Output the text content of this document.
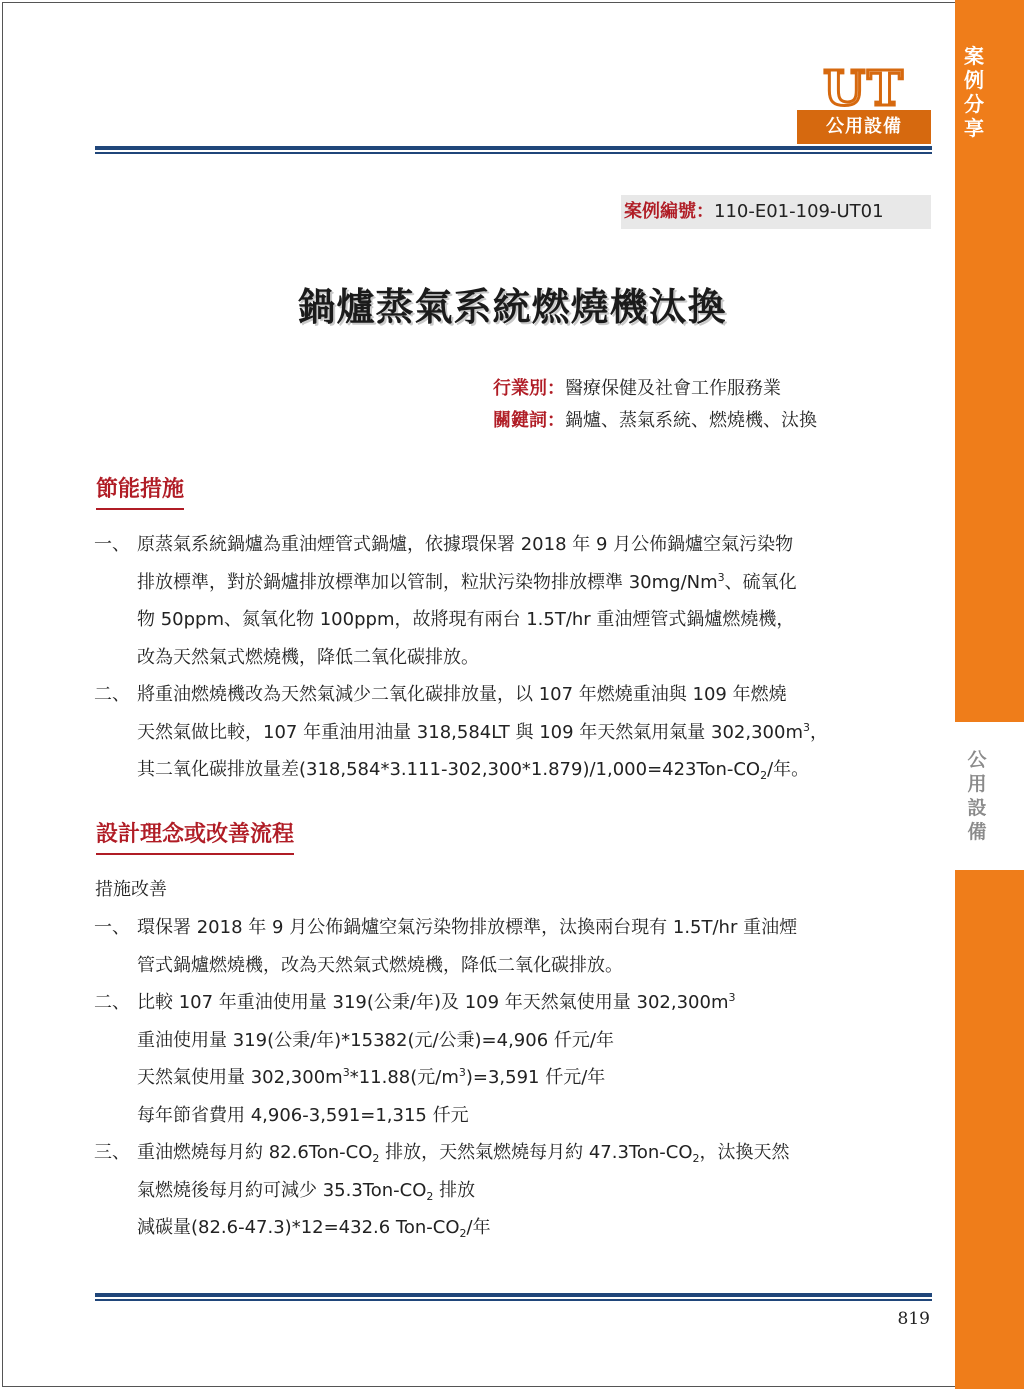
案例分享
公用設備
UT
公用設備
案例編號：110-E01-109-UT01
鍋爐蒸氣系統燃燒機汰換
行業別：醫療保健及社會工作服務業
關鍵詞：鍋爐、蒸氣系統、燃燒機、汰換
節能措施
一、 原蒸氣系統鍋爐為重油煙管式鍋爐，依據環保署 2018 年 9 月公佈鍋爐空氣污染物
排放標準，對於鍋爐排放標準加以管制，粒狀污染物排放標準 30mg/Nm$^3$、硫氧化
物 50ppm、氮氧化物 100ppm，故將現有兩台 1.5T/hr 重油煙管式鍋爐燃燒機，
改為天然氣式燃燒機，降低二氧化碳排放。
二、 將重油燃燒機改為天然氣減少二氧化碳排放量，以 107 年燃燒重油與 109 年燃燒
天然氣做比較，107 年重油用油量 318,584LT 與 109 年天然氣用氣量 $302,300m^3$，
其二氧化碳排放量差$(318,584*3.111-302,300*1.879)/1,000=423Ton-CO_2/$年。
設計理念或改善流程
措施改善
一、 環保署 2018 年 9 月公佈鍋爐空氣污染物排放標準，汰換兩台現有 1.5T/hr 重油煙
管式鍋爐燃燒機，改為天然氣式燃燒機，降低二氧化碳排放。
二、 比較 107 年重油使用量 319(公秉/年)及 109 年天然氣使用量 $302,300m^3$
重油使用量 319(公秉/年)*15382(元/公秉)=4,906 仟元/年
天然氣使用量 $302,300m^3*11.88$(元$/m^3)=3,591$ 仟元/年
每年節省費用 4,906-3,591=1,315 仟元
三、 重油燃燒每月約 $82.6Ton-CO_2$ 排放，天然氣燃燒每月約 $47.3Ton-CO_2$，汰換天然
氣燃燒後每月約可減少 $35.3Ton-CO_2$ 排放
減碳量(82.6-47.3)*12=432.6 Ton-$CO_2/$年
819
